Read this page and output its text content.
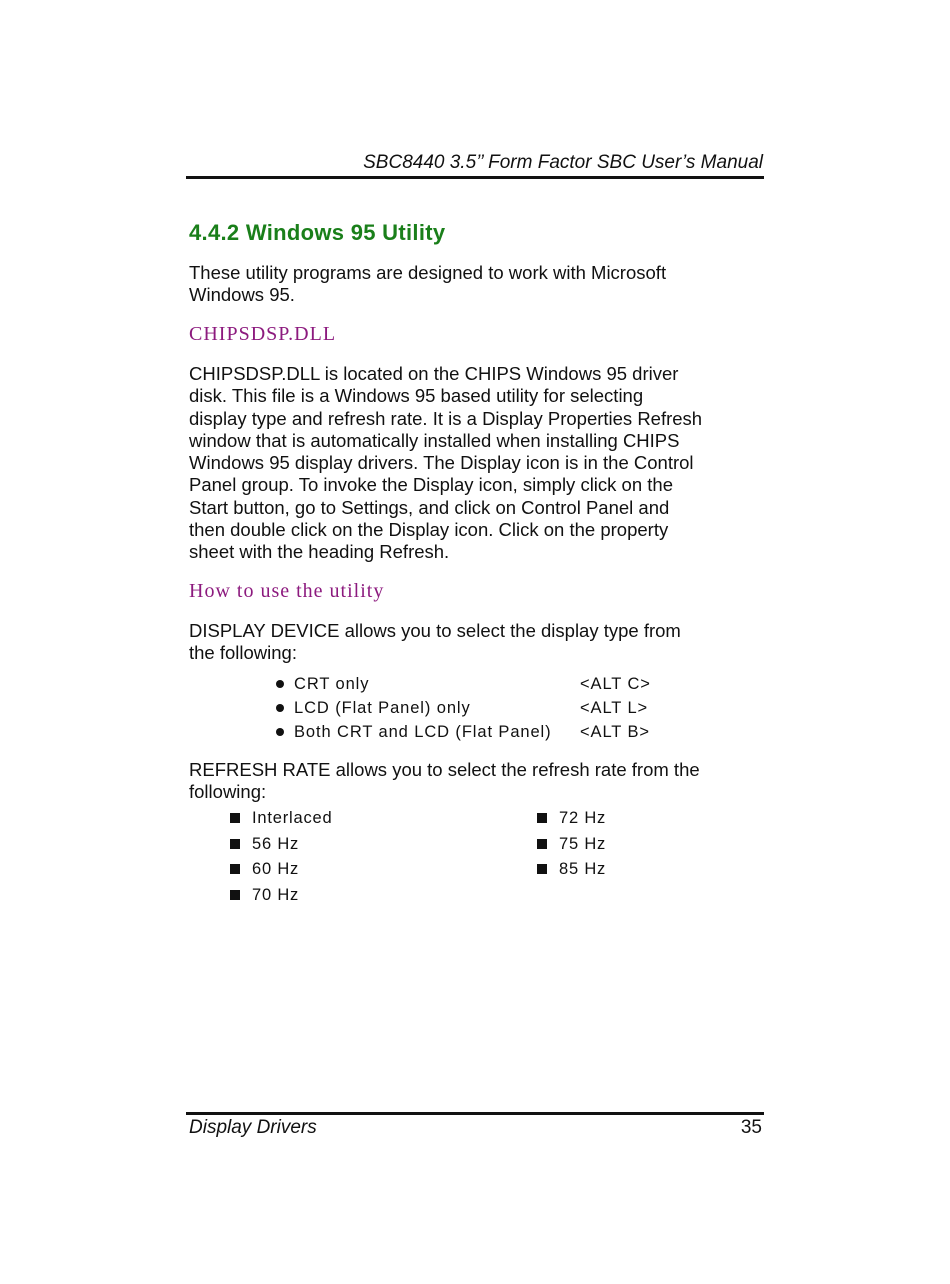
SBC8440 3.5’’ Form Factor SBC User’s Manual
4.4.2 Windows 95 Utility
These utility programs are designed to work with Microsoft
Windows 95.
CHIPSDSP.DLL
CHIPSDSP.DLL is located on the CHIPS Windows 95 driver
disk. This file is a Windows 95 based utility for selecting
display type and refresh rate. It is a Display Properties Refresh
window that is automatically installed when installing CHIPS
Windows 95 display drivers. The Display icon is in the Control
Panel group. To invoke the Display icon, simply click on the
Start button, go to Settings, and click on Control Panel and
then double click on the Display icon. Click on the property
sheet with the heading Refresh.
How to use the utility
DISPLAY DEVICE allows you to select the display type from
the following:
CRT only	<ALT C>
LCD (Flat Panel) only	<ALT L>
Both CRT and LCD (Flat Panel) <ALT B>
REFRESH RATE allows you to select the refresh rate from the
following:
Interlaced
56 Hz
60 Hz
70 Hz
72 Hz
75 Hz
85 Hz
Display Drivers	35
